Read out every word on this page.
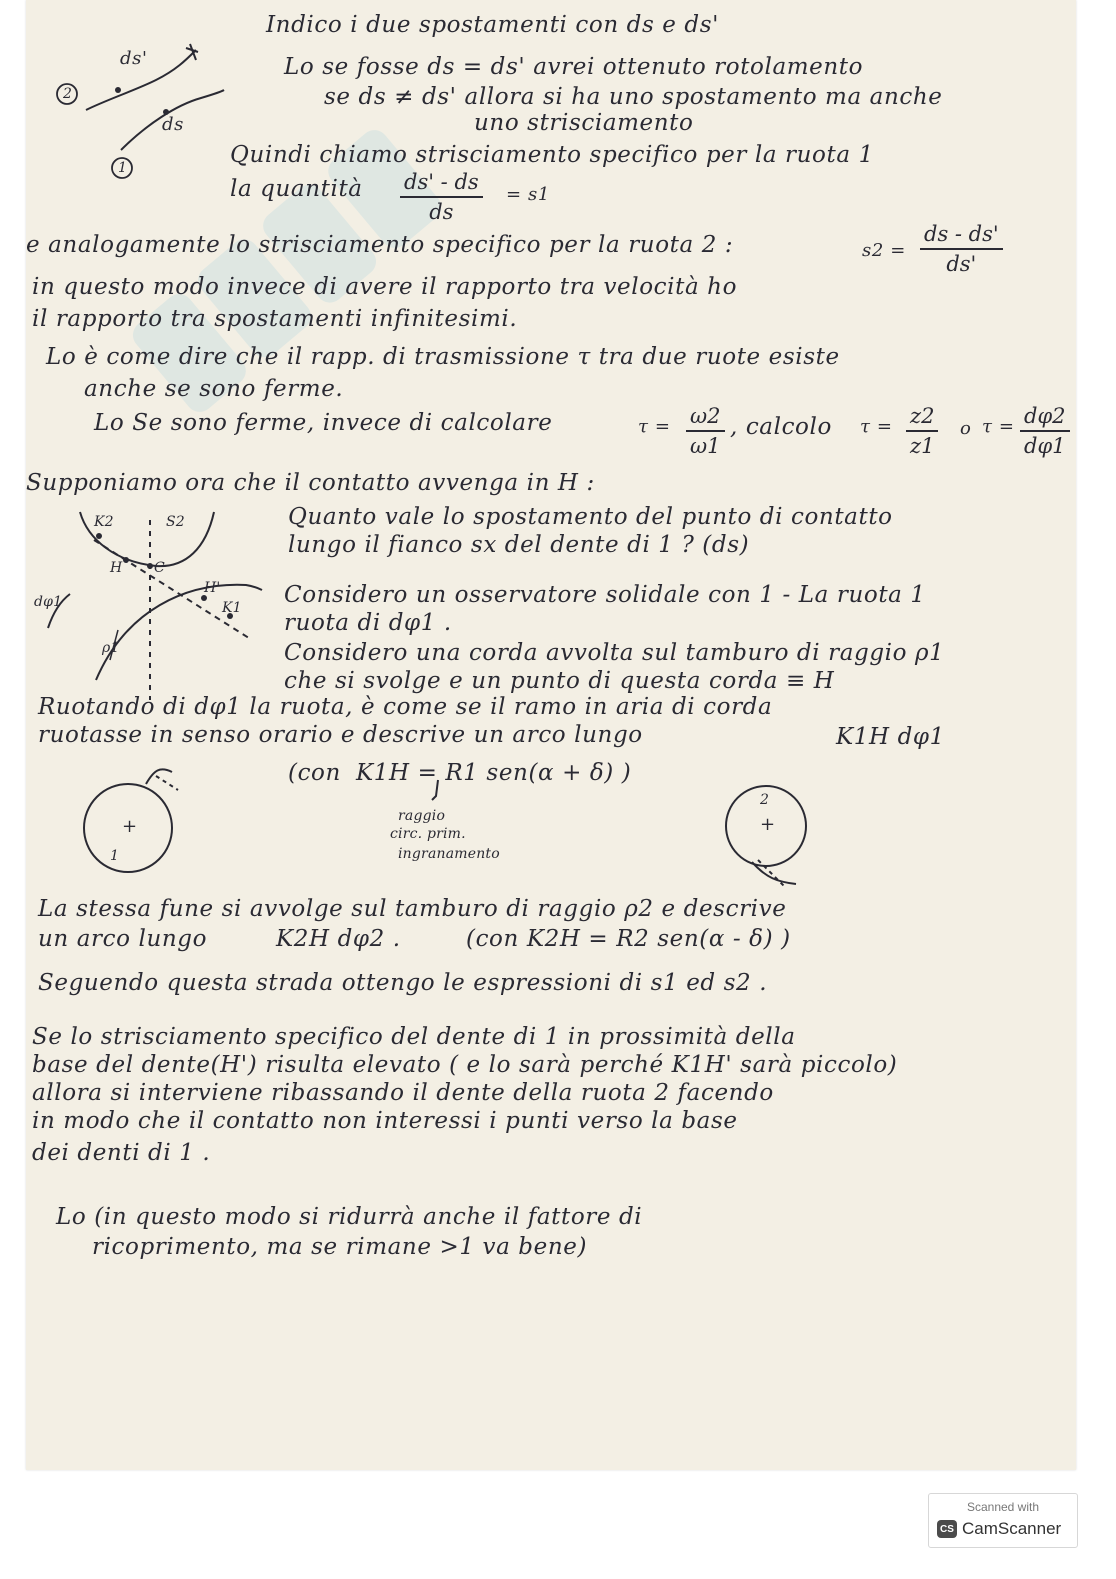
ds'
ds
2
1
Indico i due spostamenti con ds e ds'
Lo se fosse ds = ds' avrei ottenuto rotolamento
se ds ≠ ds' allora si ha uno spostamento ma anche
uno strisciamento
Quindi chiamo strisciamento specifico per la ruota 1
la quantità $\frac{ds' - ds}{ds} = s1$
e analogamente lo strisciamento specifico per la ruota 2 :	$s2 = \frac{ds - ds'}{ds'}$
in questo modo invece di avere il rapporto tra velocità ho
il rapporto tra spostamenti infinitesimi.
Lo è come dire che il rapp. di trasmissione τ tra due ruote esiste
anche se sono ferme.
Lo Se sono ferme, invece di calcolare	$\tau = \frac{\omega 2}{\omega 1}$ , calcolo $\tau = \frac{z2}{z1}$ o $\tau = \frac{d\varphi 2}{d\varphi 1}$
Supponiamo ora che il contatto avvenga in H :
K2	S2
H C
H'
K1
ρ1
dφ1
Quanto vale lo spostamento del punto di contatto
lungo il fianco sx del dente di 1 ? (ds)
Considero un osservatore solidale con 1 - La ruota 1
ruota di dφ1 .
Considero una corda avvolta sul tamburo di raggio ρ1
che si svolge e un punto di questa corda ≡ H
Ruotando di dφ1 la ruota, è come se il ramo in aria di corda
ruotasse in senso orario e descrive un arco lungo	K1H dφ1
(con K1H = R1 sen(α + δ) )
+
1
+
2
raggio
circ. prim.
ingranamento
La stessa fune si avvolge sul tamburo di raggio ρ2 e descrive
un arco lungo	K2H dφ2 .	(con K2H = R2 sen(α - δ) )
Seguendo questa strada ottengo le espressioni di s1 ed s2 .
Se lo strisciamento specifico del dente di 1 in prossimità della
base del dente(H') risulta elevato ( e lo sarà perché K1H' sarà piccolo)
allora si interviene ribassando il dente della ruota 2 facendo
in modo che il contatto non interessi i punti verso la base
dei denti di 1 .
Lo (in questo modo si ridurrà anche il fattore di
ricoprimento, ma se rimane >1 va bene)
Scanned with
CS CamScanner
